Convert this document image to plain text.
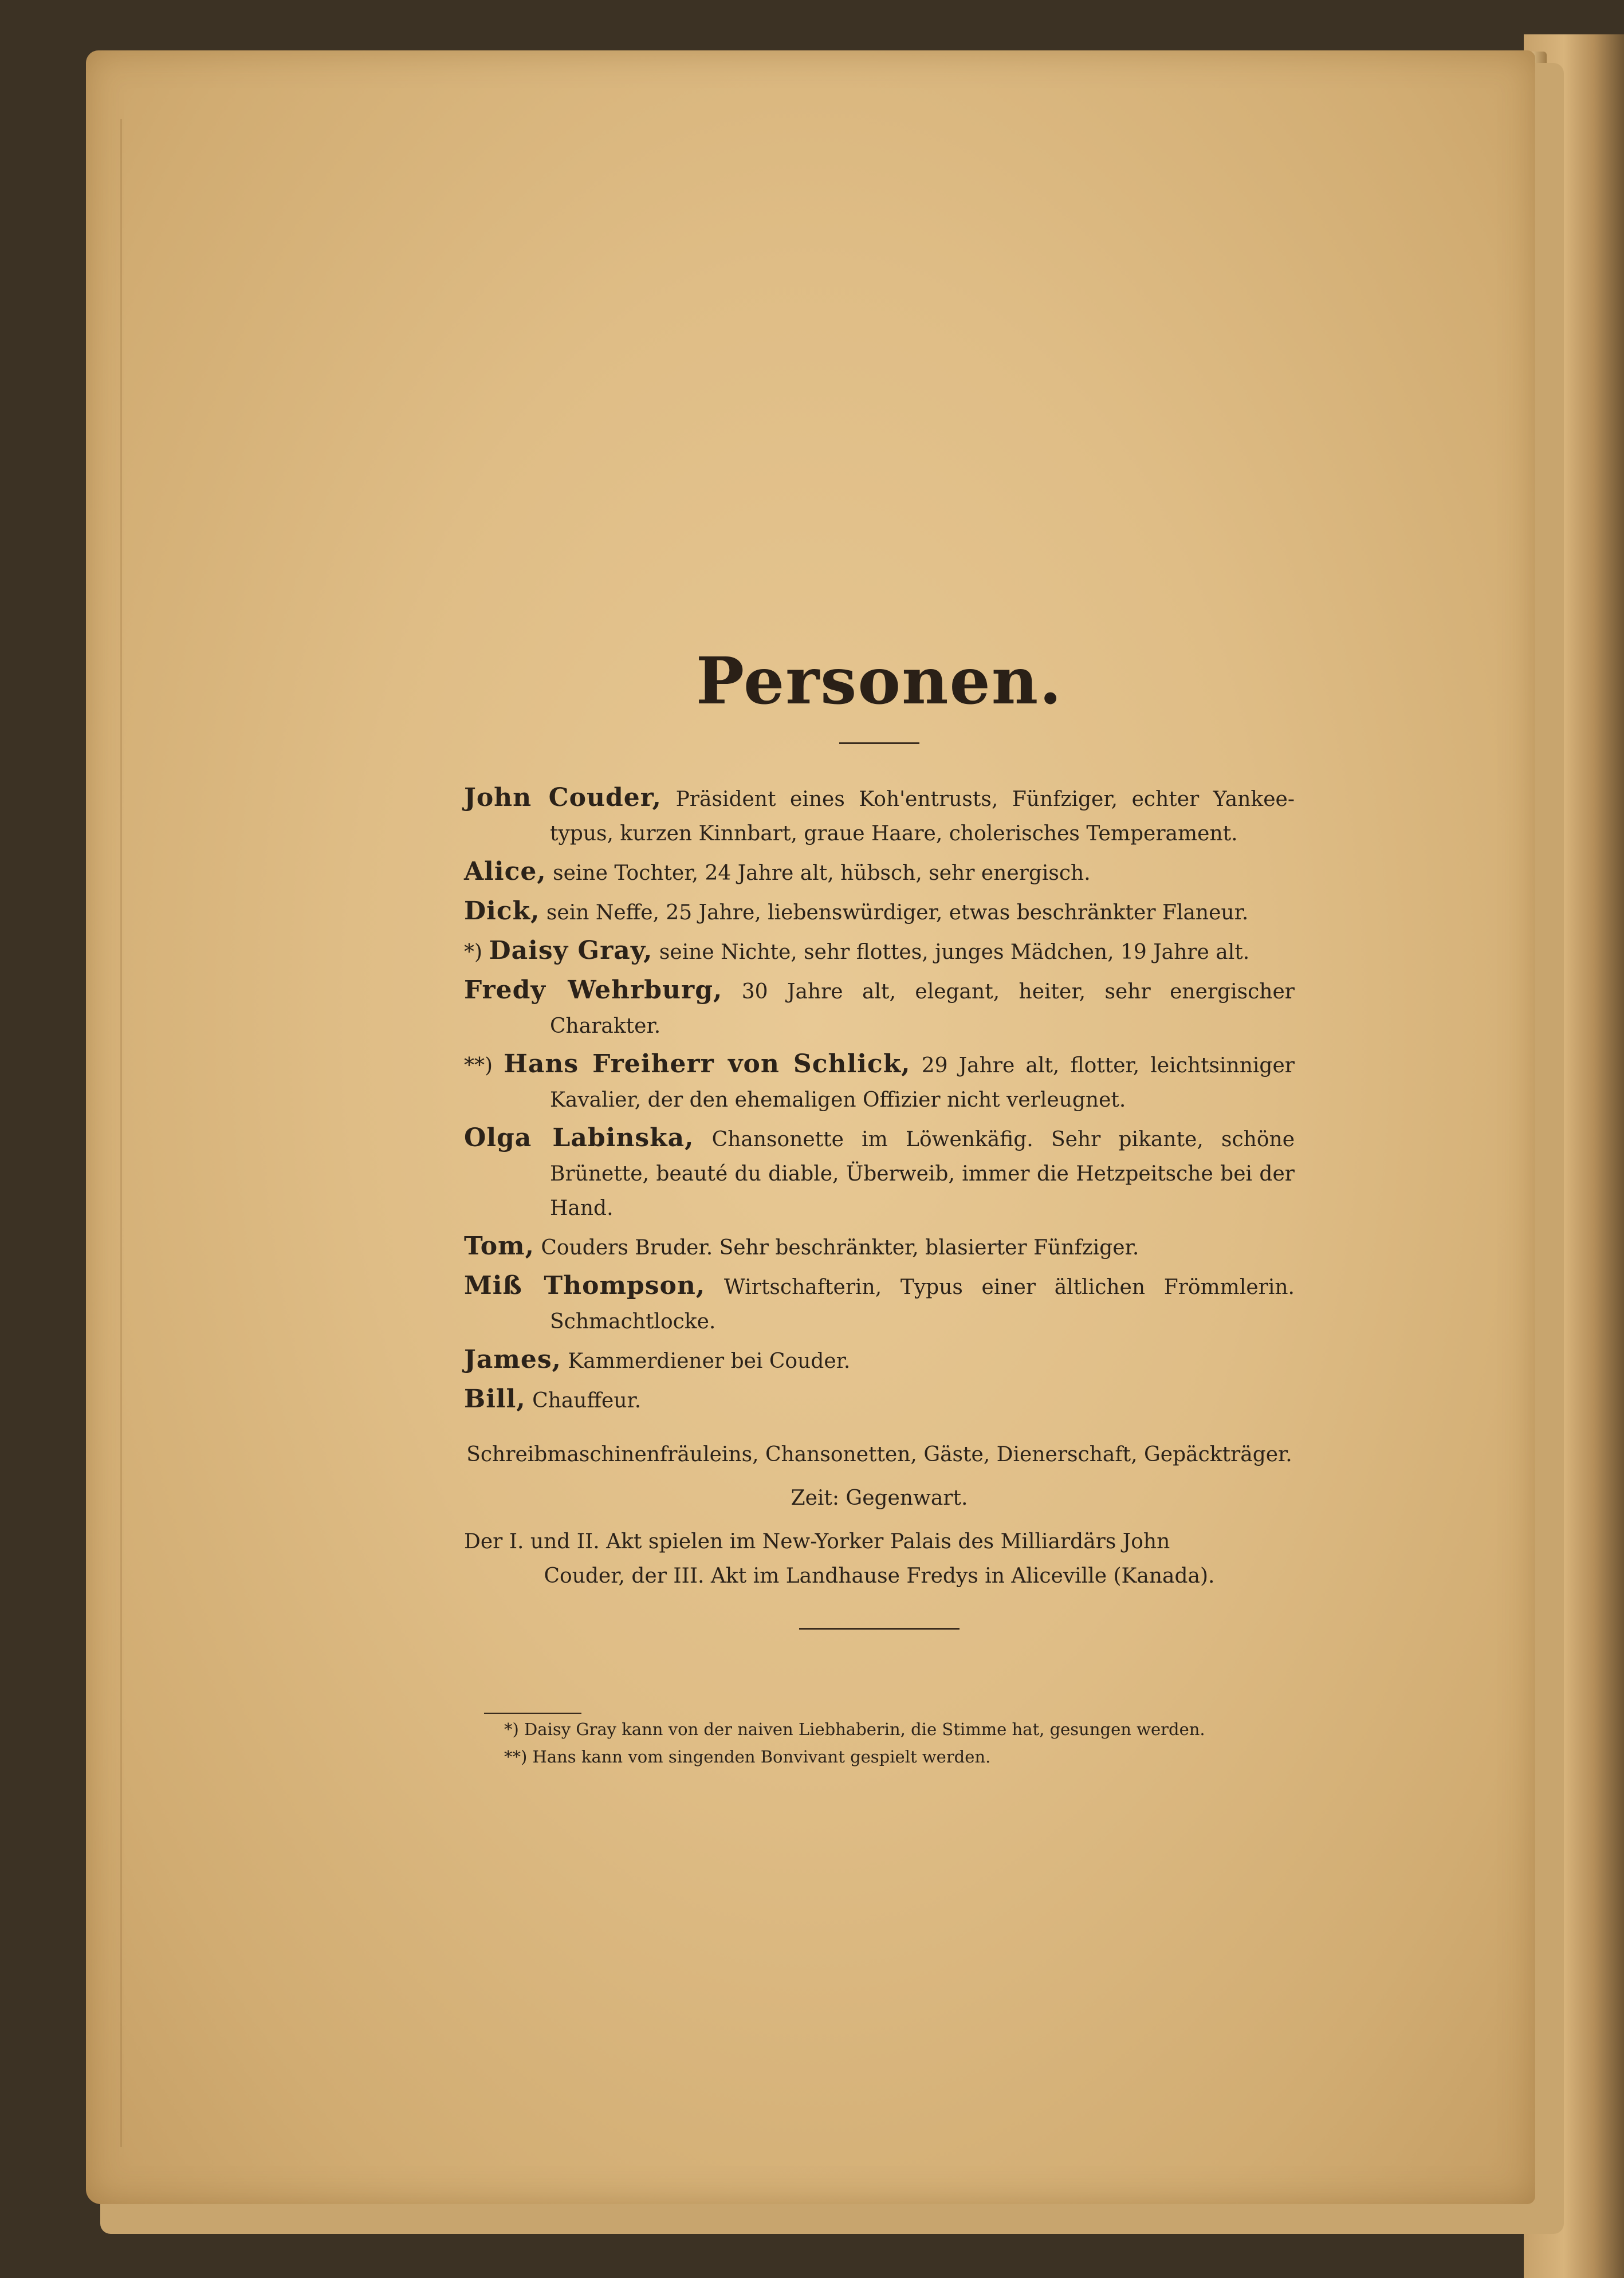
Personen.

John Couder, Präsident eines Koh'entrusts, Fünfziger, echter Yankee-typus, kurzen Kinnbart, graue Haare, cholerisches Temperament.

Alice, seine Tochter, 24 Jahre alt, hübsch, sehr energisch.

Dick, sein Neffe, 25 Jahre, liebenswürdiger, etwas beschränkter Flaneur.

*) Daisy Gray, seine Nichte, sehr flottes, junges Mädchen, 19 Jahre alt.

Fredy Wehrburg, 30 Jahre alt, elegant, heiter, sehr energischer Charakter.

**) Hans Freiherr von Schlick, 29 Jahre alt, flotter, leichtsinniger Kavalier, der den ehemaligen Offizier nicht verleugnet.

Olga Labinska, Chansonette im Löwenkäfig. Sehr pikante, schöne Brünette, beauté du diable, Überweib, immer die Hetzpeitsche bei der Hand.

Tom, Couders Bruder. Sehr beschränkter, blasierter Fünfziger.

Miß Thompson, Wirtschafterin, Typus einer ältlichen Frömmlerin. Schmachtlocke.

James, Kammerdiener bei Couder.

Bill, Chauffeur.

Schreibmaschinenfräuleins, Chansonetten, Gäste, Dienerschaft, Gepäckträger.

Zeit: Gegenwart.

Der I. und II. Akt spielen im New-Yorker Palais des Milliardärs John
Couder, der III. Akt im Landhause Fredys in Aliceville (Kanada).

*) Daisy Gray kann von der naiven Liebhaberin, die Stimme hat, gesungen werden.

**) Hans kann vom singenden Bonvivant gespielt werden.
